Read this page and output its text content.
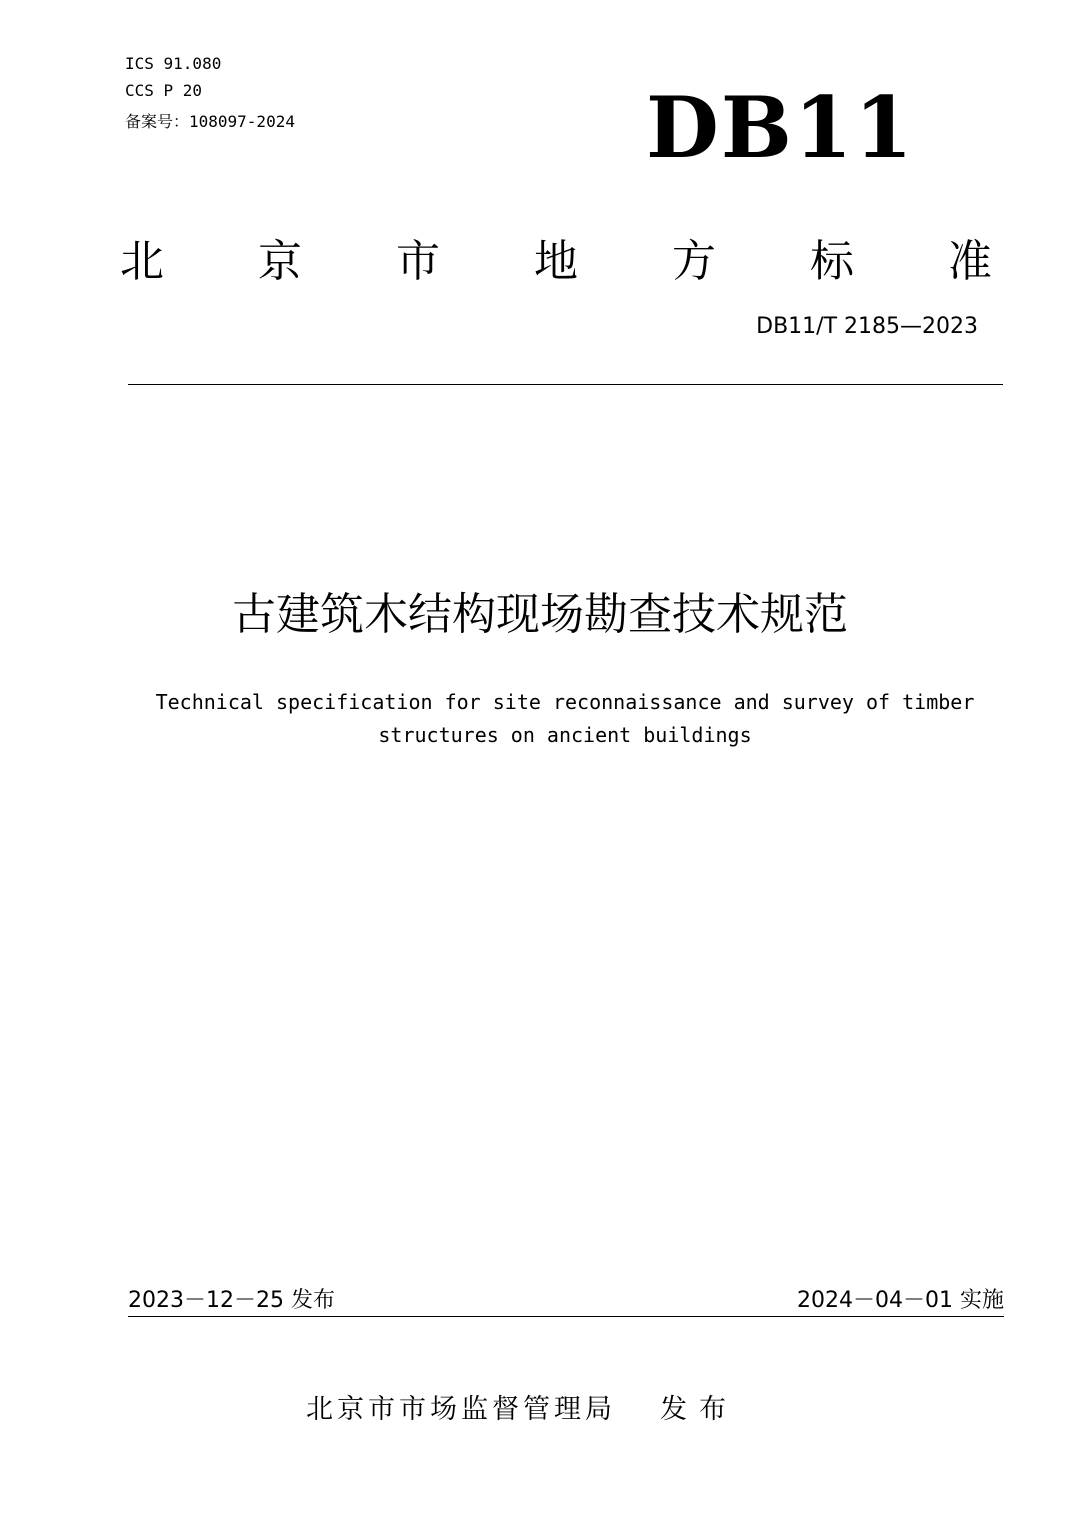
ICS 91.080
CCS P 20
备案号：108097-2024	DB11
北 京 市 地 方 标 准
DB11/T 2185—2023
古建筑木结构现场勘查技术规范
Technical specification for site reconnaissance and survey of timber
structures on ancient buildings
2023－12－25 发布	2024－04－01 实施
北京市市场监督管理局 发布
